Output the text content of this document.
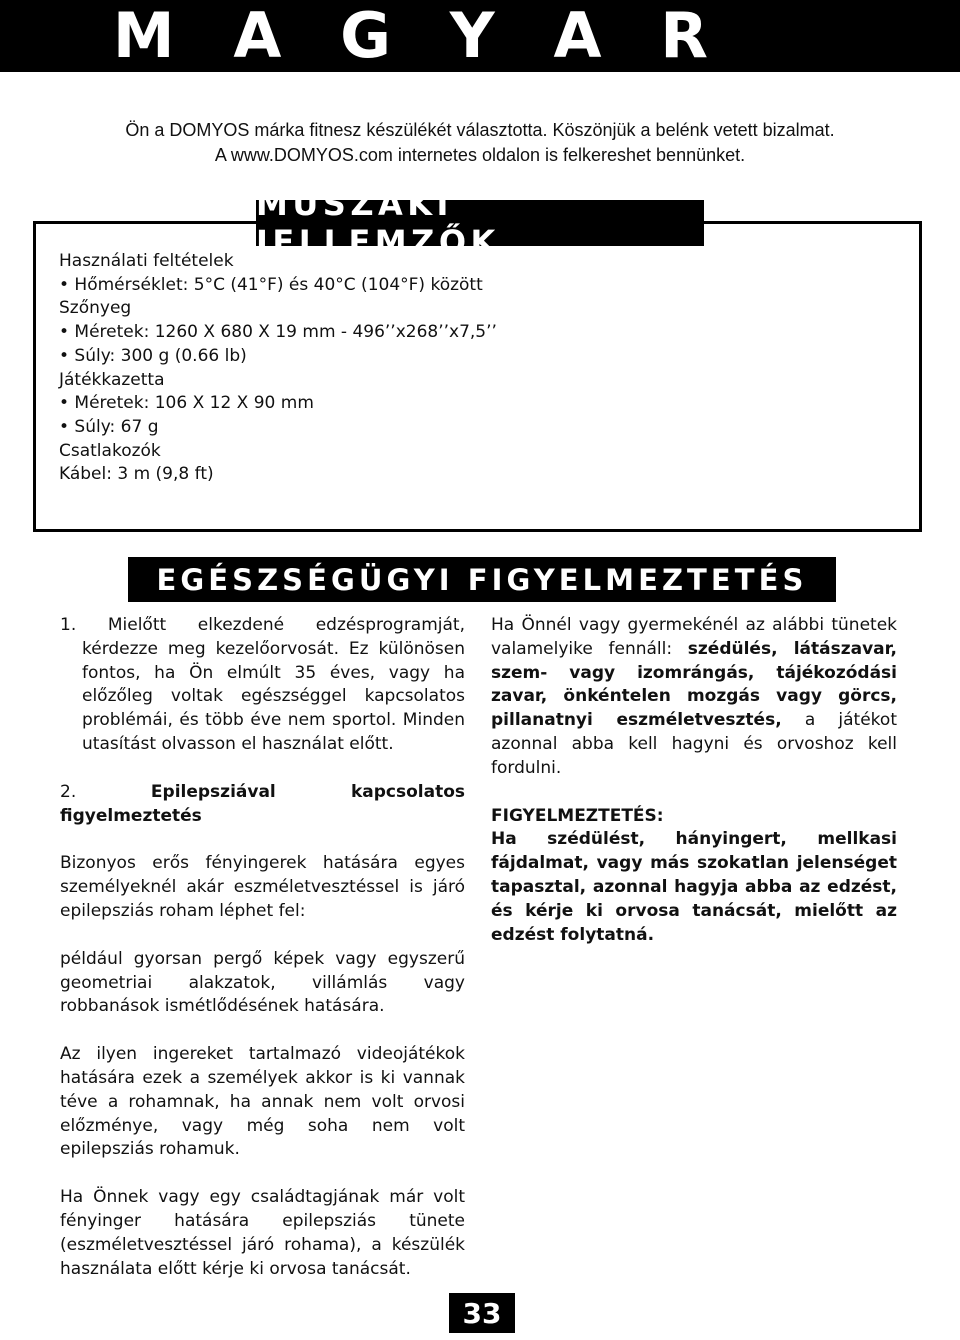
M A G Y A R
Ön a DOMYOS márka fitnesz készülékét választotta. Köszönjük a belénk vetett bizalmat.
A www.DOMYOS.com internetes oldalon is felkereshet bennünket.
MŰSZAKI JELLEMZŐK
Használati feltételek
• Hőmérséklet: 5°C (41°F) és 40°C (104°F) között
Szőnyeg
• Méretek: 1260 X 680 X 19 mm - 496’’x268’’x7,5’’
• Súly: 300 g (0.66 lb)
Játékkazetta
• Méretek: 106 X 12 X 90 mm
• Súly: 67 g
Csatlakozók
Kábel: 3 m (9,8 ft)
EGÉSZSÉGÜGYI FIGYELMEZTETÉS

1. Mielőtt elkezdené edzésprogramját, kérdezze meg kezelőorvosát. Ez különösen fontos, ha Ön elmúlt 35 éves, vagy ha előzőleg voltak egészséggel kapcsolatos problémái, és több éve nem sportol. Minden utasítást olvasson el használat előtt.

2.	Epilepsziával kapcsolatos figyelmeztetés

Bizonyos erős fényingerek hatására egyes személyeknél akár eszméletvesztéssel is járó epilepsziás roham léphet fel:

például gyorsan pergő képek vagy egyszerű geometriai alakzatok, villámlás vagy robbanások ismétlődésének hatására.

Az ilyen ingereket tartalmazó videojátékok hatására ezek a személyek akkor is ki vannak téve a rohamnak, ha annak nem volt orvosi előzménye, vagy még soha nem volt epilepsziás rohamuk.

Ha Önnek vagy egy családtagjának már volt fényinger hatására epilepsziás tünete (eszméletvesztéssel járó rohama), a készülék használata előtt kérje ki orvosa tanácsát.

Ha Önnél vagy gyermekénél az alábbi tünetek valamelyike fennáll: szédülés, látászavar, szem- vagy izomrángás, tájékozódási zavar, önkéntelen mozgás vagy görcs, pillanatnyi eszméletvesztés, a játékot azonnal abba kell hagyni és orvoshoz kell fordulni.

FIGYELMEZTETÉS:

Ha szédülést, hányingert, mellkasi fájdalmat, vagy más szokatlan jelenséget tapasztal, azonnal hagyja abba az edzést, és kérje ki orvosa tanácsát, mielőtt az edzést folytatná.

33
